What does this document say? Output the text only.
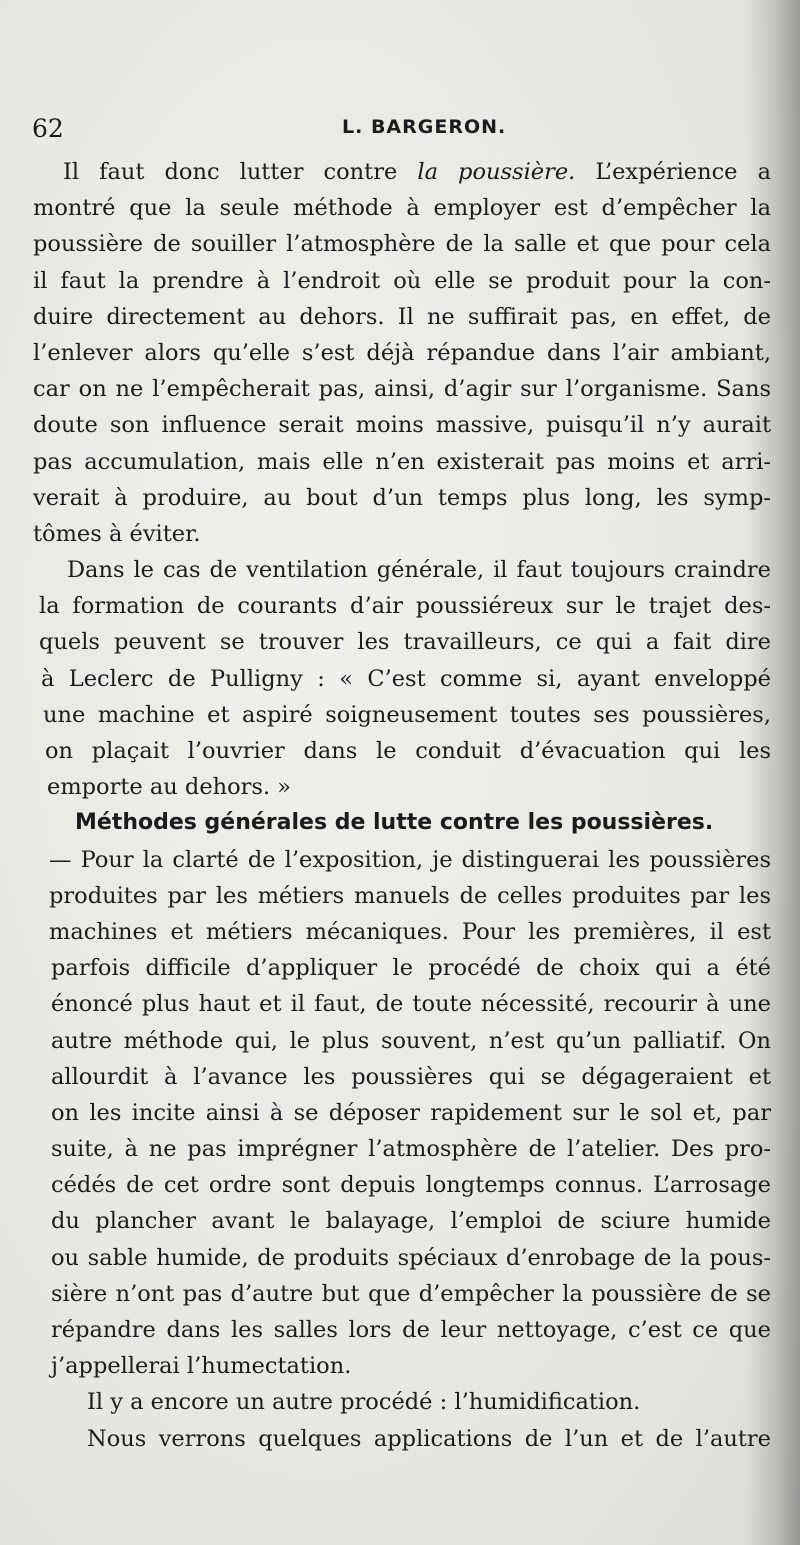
62	L. BARGERON.
Il faut donc lutter contre la poussière. L’expérience a
montré que la seule méthode à employer est d’empêcher la
poussière de souiller l’atmosphère de la salle et que pour cela
il faut la prendre à l’endroit où elle se produit pour la con-
duire directement au dehors. Il ne suffirait pas, en effet, de
l’enlever alors qu’elle s’est déjà répandue dans l’air ambiant,
car on ne l’empêcherait pas, ainsi, d’agir sur l’organisme. Sans
doute son influence serait moins massive, puisqu’il n’y aurait
pas accumulation, mais elle n’en existerait pas moins et arri-
verait à produire, au bout d’un temps plus long, les symp-
tômes à éviter.
Dans le cas de ventilation générale, il faut toujours craindre
la formation de courants d’air poussiéreux sur le trajet des-
quels peuvent se trouver les travailleurs, ce qui a fait dire
à Leclerc de Pulligny : « C’est comme si, ayant enveloppé
une machine et aspiré soigneusement toutes ses poussières,
on plaçait l’ouvrier dans le conduit d’évacuation qui les
emporte au dehors. »
Méthodes générales de lutte contre les poussières.
— Pour la clarté de l’exposition, je distinguerai les poussières
produites par les métiers manuels de celles produites par les
machines et métiers mécaniques. Pour les premières, il est
parfois difficile d’appliquer le procédé de choix qui a été
énoncé plus haut et il faut, de toute nécessité, recourir à une
autre méthode qui, le plus souvent, n’est qu’un palliatif. On
allourdit à l’avance les poussières qui se dégageraient et
on les incite ainsi à se déposer rapidement sur le sol et, par
suite, à ne pas imprégner l’atmosphère de l’atelier. Des pro-
cédés de cet ordre sont depuis longtemps connus. L’arrosage
du plancher avant le balayage, l’emploi de sciure humide
ou sable humide, de produits spéciaux d’enrobage de la pous-
sière n’ont pas d’autre but que d’empêcher la poussière de se
répandre dans les salles lors de leur nettoyage, c’est ce que
j’appellerai l’humectation.
Il y a encore un autre procédé : l’humidification.
Nous verrons quelques applications de l’un et de l’autre
